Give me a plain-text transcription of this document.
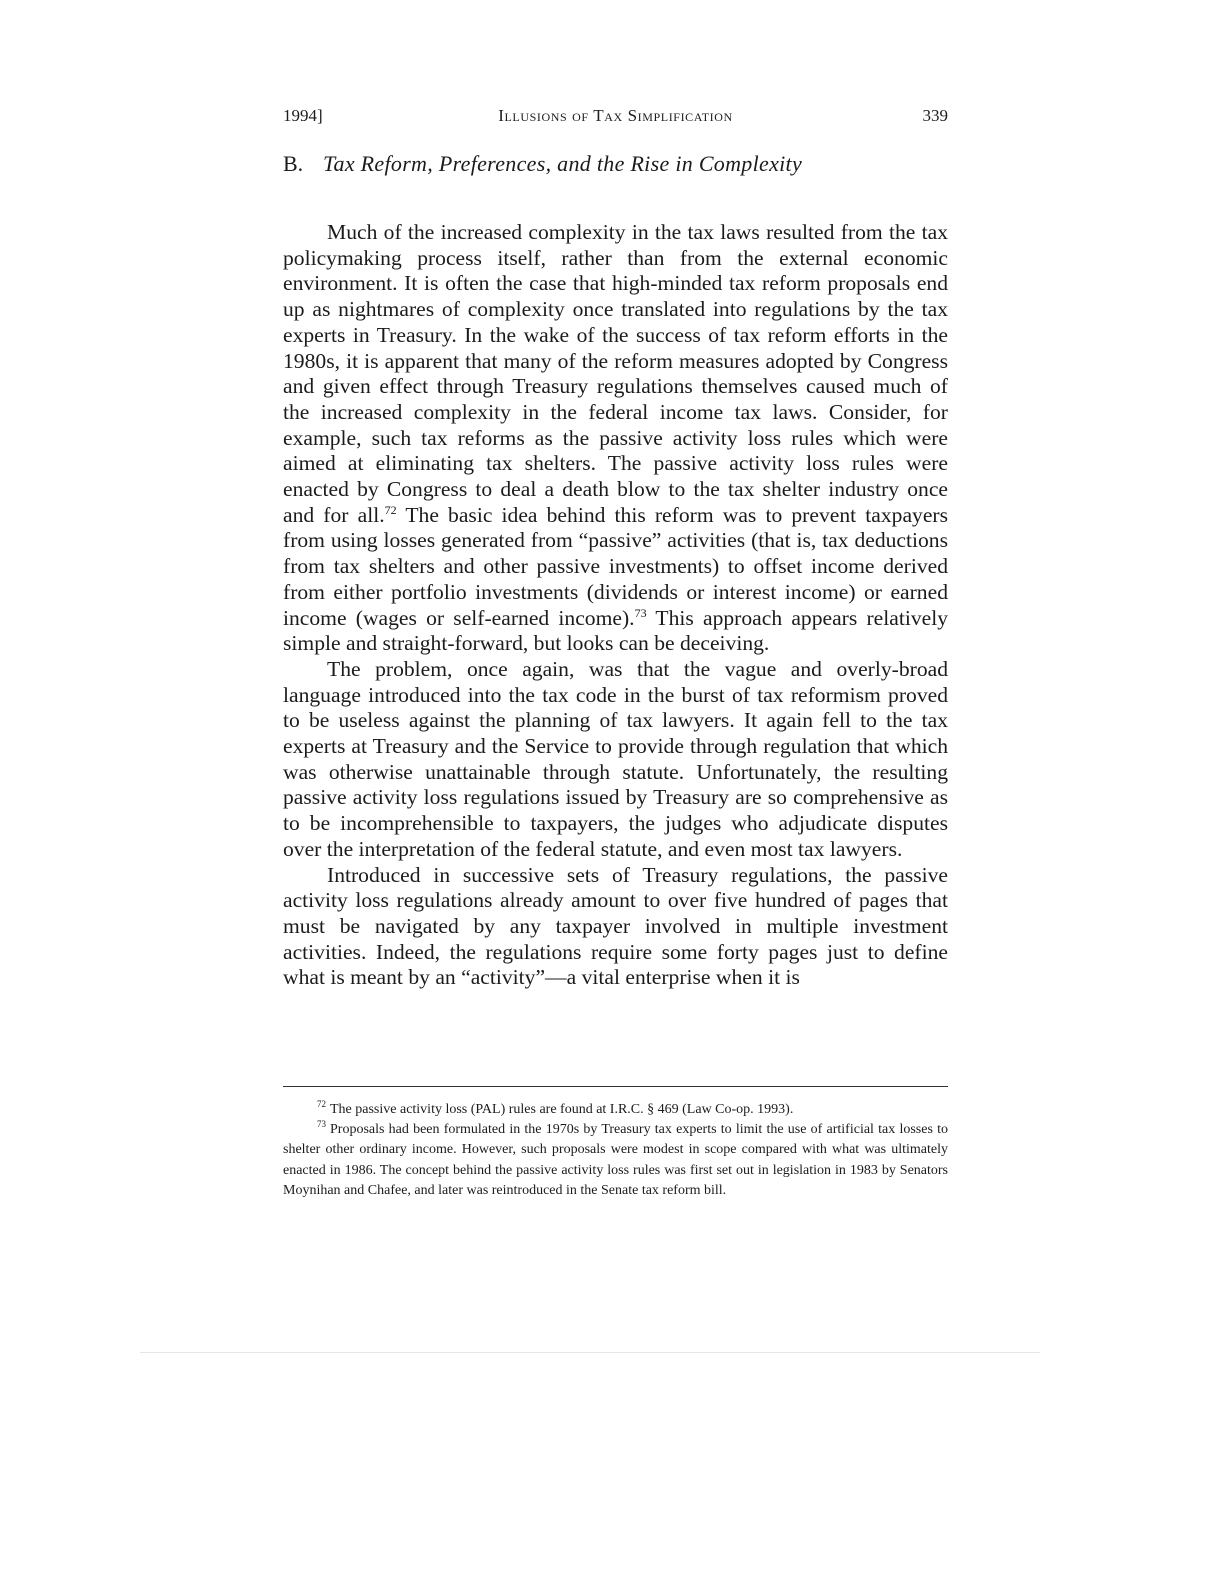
1994]	Illusions of Tax Simplification	339
B. Tax Reform, Preferences, and the Rise in Complexity

Much of the increased complexity in the tax laws resulted from the tax policymaking process itself, rather than from the external economic environment. It is often the case that high-minded tax reform proposals end up as nightmares of complexity once translated into regulations by the tax experts in Treasury. In the wake of the success of tax reform efforts in the 1980s, it is apparent that many of the reform measures adopted by Congress and given effect through Treasury regulations themselves caused much of the increased complexity in the federal income tax laws. Consider, for example, such tax reforms as the passive activity loss rules which were aimed at eliminating tax shelters. The passive activity loss rules were enacted by Congress to deal a death blow to the tax shelter industry once and for all.$^{72}$ The basic idea behind this reform was to prevent taxpayers from using losses generated from “passive” activities (that is, tax deductions from tax shelters and other passive investments) to offset income derived from either portfolio investments (dividends or interest income) or earned income (wages or self-earned income).$^{73}$ This approach appears relatively simple and straight-forward, but looks can be deceiving.

The problem, once again, was that the vague and overly-broad language introduced into the tax code in the burst of tax reformism proved to be useless against the planning of tax lawyers. It again fell to the tax experts at Treasury and the Service to provide through regulation that which was otherwise unattainable through statute. Unfortunately, the resulting passive activity loss regulations issued by Treasury are so comprehensive as to be incomprehensible to taxpayers, the judges who adjudicate disputes over the interpretation of the federal statute, and even most tax lawyers.

Introduced in successive sets of Treasury regulations, the passive activity loss regulations already amount to over five hundred of pages that must be navigated by any taxpayer involved in multiple investment activities. Indeed, the regulations require some forty pages just to define what is meant by an “activity”—a vital enterprise when it is

$^{72}$ The passive activity loss (PAL) rules are found at I.R.C. § 469 (Law Co-op. 1993).

$^{73}$ Proposals had been formulated in the 1970s by Treasury tax experts to limit the use of artificial tax losses to shelter other ordinary income. However, such proposals were modest in scope compared with what was ultimately enacted in 1986. The concept behind the passive activity loss rules was first set out in legislation in 1983 by Senators Moynihan and Chafee, and later was reintroduced in the Senate tax reform bill.
